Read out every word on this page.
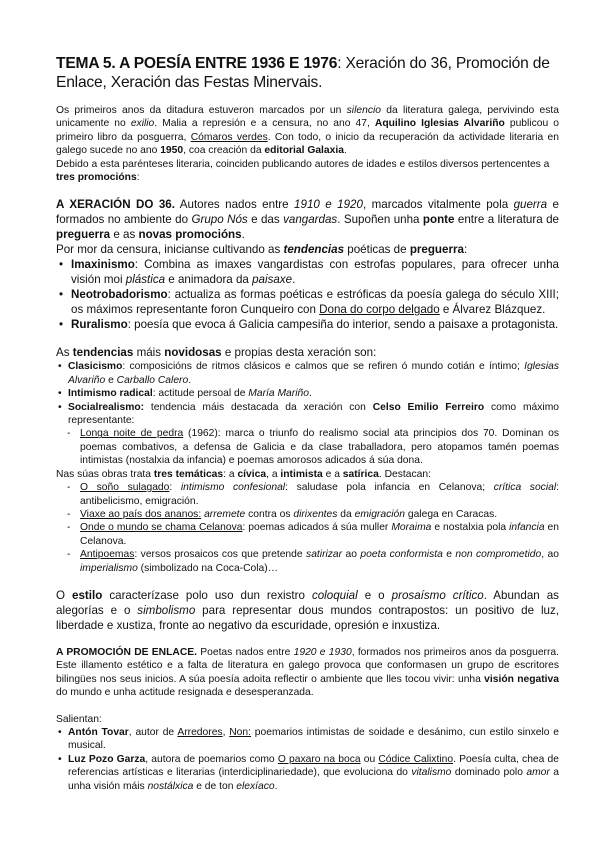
TEMA 5. A POESÍA ENTRE 1936 E 1976: Xeración do 36, Promoción de Enlace, Xeración das Festas Minervais.

Os primeiros anos da ditadura estuveron marcados por un silencio da literatura galega, pervivindo esta unicamente no exilio. Malia a represión e a censura, no ano 47, Aquilino Iglesias Alvariño publicou o primeiro libro da posguerra, Cómaros verdes. Con todo, o inicio da recuperación da actividade literaria en galego sucede no ano 1950, coa creación da editorial Galaxia.

Debido a esta parénteses literaria, coinciden publicando autores de idades e estilos diversos pertencentes a tres promocións:

A XERACIÓN DO 36. Autores nados entre 1910 e 1920, marcados vitalmente pola guerra e formados no ambiente do Grupo Nós e das vangardas. Supoñen unha ponte entre a literatura de preguerra e as novas promocións.

Por mor da censura, inicianse cultivando as tendencias poéticas de preguerra:

• Imaxinismo: Combina as imaxes vangardistas con estrofas populares, para ofrecer unha visión moi plástica e animadora da paisaxe.
• Neotrobadorismo: actualiza as formas poéticas e estróficas da poesía galega do século XIII; os máximos representante foron Cunqueiro con Dona do corpo delgado e Álvarez Blázquez.
• Ruralismo: poesía que evoca á Galicia campesiña do interior, sendo a paisaxe a protagonista.

As tendencias máis novidosas e propias desta xeración son:

• Clasicismo: composicións de ritmos clásicos e calmos que se refiren ó mundo cotián e íntimo; Iglesias Alvariño e Carballo Calero.
• Intimismo radical: actitude persoal de María Mariño.
• Socialrealismo: tendencia máis destacada da xeración con Celso Emilio Ferreiro como máximo representante:
- Longa noite de pedra (1962): marca o triunfo do realismo social ata principios dos 70. Dominan os poemas combativos, a defensa de Galicia e da clase traballadora, pero atopamos tamén poemas intimistas (nostalxia da infancia) e poemas amorosos adicados á súa dona.

Nas súas obras trata tres temáticas: a cívica, a intimista e a satírica. Destacan:

- O soño sulagado: intimismo confesional: saludase pola infancia en Celanova; crítica social: antibelicismo, emigración.
- Viaxe ao país dos ananos: arremete contra os dirixentes da emigración galega en Caracas.
- Onde o mundo se chama Celanova: poemas adicados á súa muller Moraima e nostalxia pola infancia en Celanova.
- Antipoemas: versos prosaicos cos que pretende satirizar ao poeta conformista e non comprometido, ao imperialismo (simbolizado na Coca-Cola)…

O estilo caracterízase polo uso dun rexistro coloquial e o prosaísmo crítico. Abundan as alegorías e o simbolismo para representar dous mundos contrapostos: un positivo de luz, liberdade e xustiza, fronte ao negativo da escuridade, opresión e inxustiza.

A PROMOCIÓN DE ENLACE. Poetas nados entre 1920 e 1930, formados nos primeiros anos da posguerra. Este illamento estético e a falta de literatura en galego provoca que conformasen un grupo de escritores bilingües nos seus inicios. A súa poesía adoita reflectir o ambiente que lles tocou vivir: unha visión negativa do mundo e unha actitude resignada e desesperanzada.

Salientan:

• Antón Tovar, autor de Arredores, Non: poemarios intimistas de soidade e desánimo, cun estilo sinxelo e musical.
• Luz Pozo Garza, autora de poemarios como O paxaro na boca ou Códice Calixtino. Poesía culta, chea de referencias artísticas e literarias (interdiciplinariedade), que evoluciona do vitalismo dominado polo amor a unha visión máis nostálxica e de ton elexíaco.
